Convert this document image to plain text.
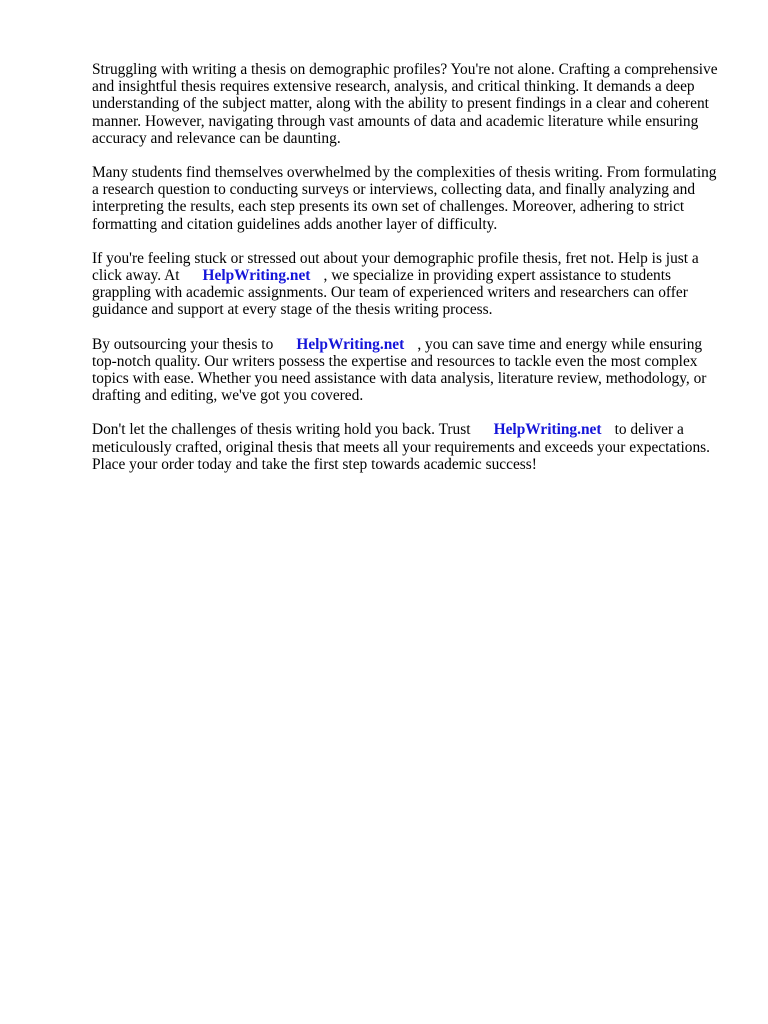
Struggling with writing a thesis on demographic profiles? You're not alone. Crafting a comprehensive and insightful thesis requires extensive research, analysis, and critical thinking. It demands a deep understanding of the subject matter, along with the ability to present findings in a clear and coherent manner. However, navigating through vast amounts of data and academic literature while ensuring accuracy and relevance can be daunting.

Many students find themselves overwhelmed by the complexities of thesis writing. From formulating a research question to conducting surveys or interviews, collecting data, and finally analyzing and interpreting the results, each step presents its own set of challenges. Moreover, adhering to strict formatting and citation guidelines adds another layer of difficulty.

If you're feeling stuck or stressed out about your demographic profile thesis, fret not. Help is just a click away. At HelpWriting.net , we specialize in providing expert assistance to students grappling with academic assignments. Our team of experienced writers and researchers can offer guidance and support at every stage of the thesis writing process.

By outsourcing your thesis to HelpWriting.net , you can save time and energy while ensuring top-notch quality. Our writers possess the expertise and resources to tackle even the most complex topics with ease. Whether you need assistance with data analysis, literature review, methodology, or drafting and editing, we've got you covered.

Don't let the challenges of thesis writing hold you back. Trust HelpWriting.net to deliver a meticulously crafted, original thesis that meets all your requirements and exceeds your expectations. Place your order today and take the first step towards academic success!
